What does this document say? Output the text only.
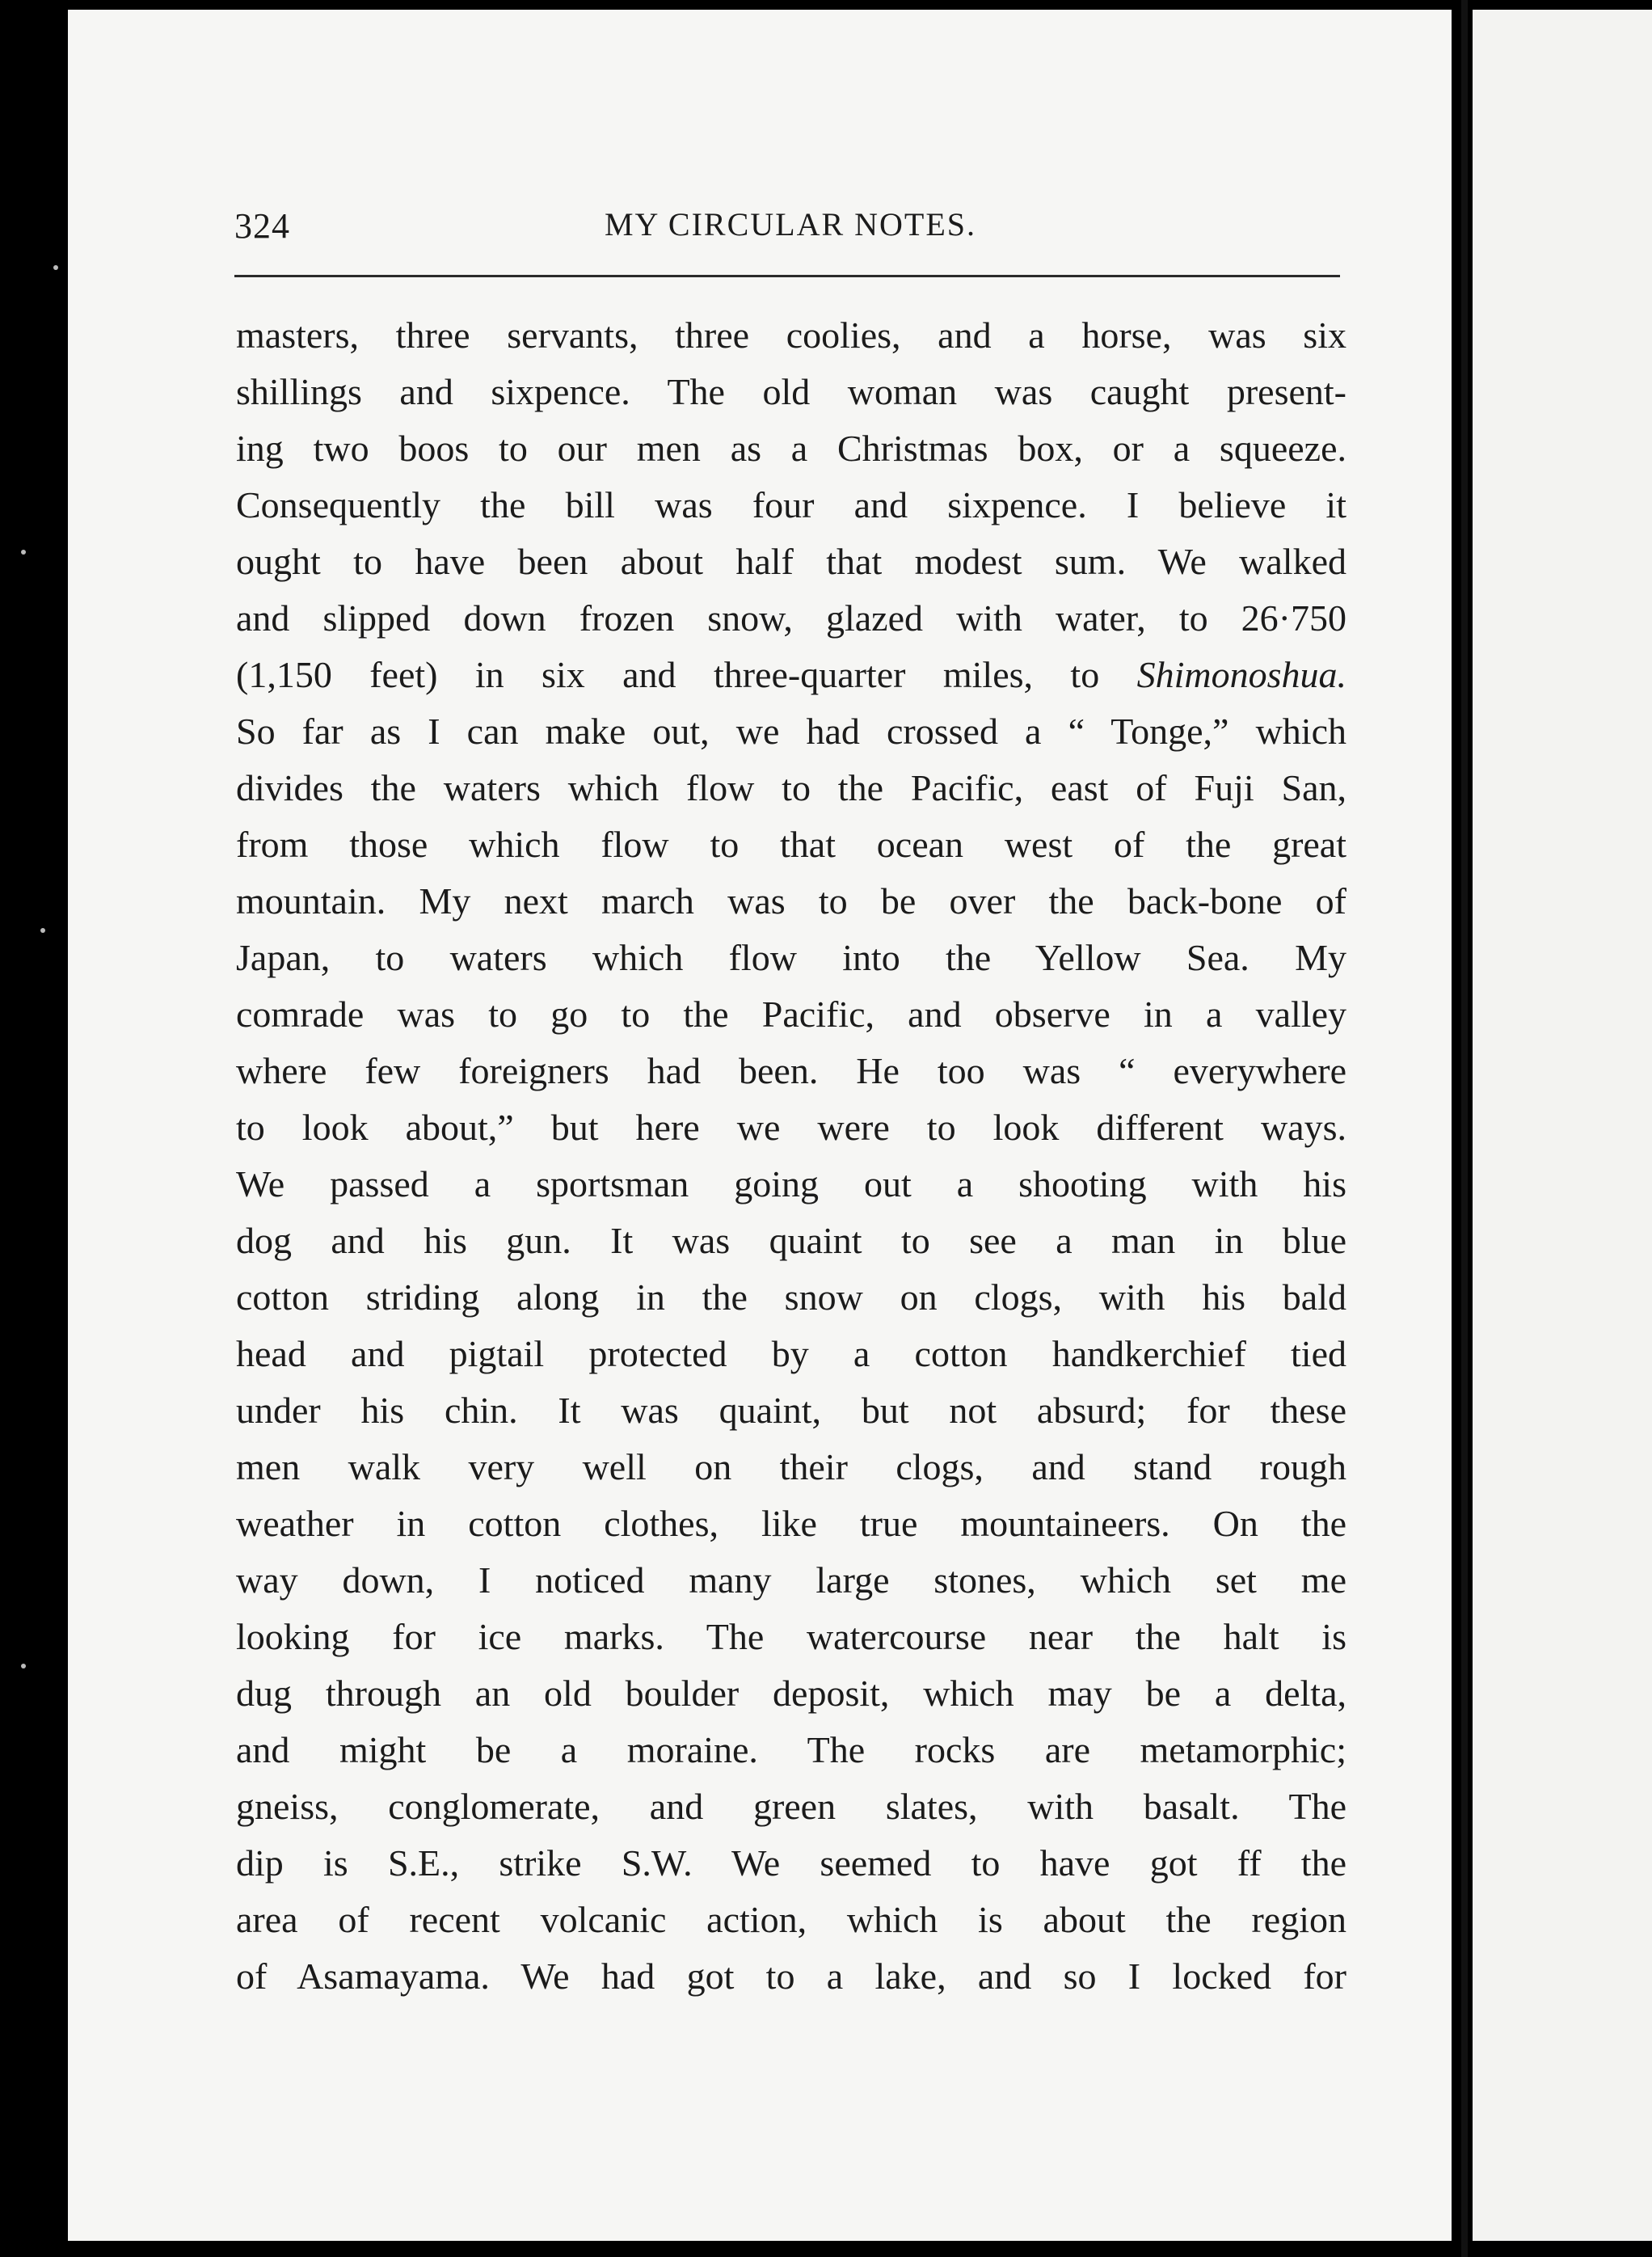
324	MY CIRCULAR NOTES.
masters, three servants, three coolies, and a horse, was six
shillings and sixpence. The old woman was caught present-
ing two boos to our men as a Christmas box, or a squeeze.
Consequently the bill was four and sixpence. I believe it
ought to have been about half that modest sum. We walked
and slipped down frozen snow, glazed with water, to 26·750
(1,150 feet) in six and three-quarter miles, to Shimonoshua.
So far as I can make out, we had crossed a “ Tonge,” which
divides the waters which flow to the Pacific, east of Fuji San,
from those which flow to that ocean west of the great
mountain. My next march was to be over the back-bone of
Japan, to waters which flow into the Yellow Sea. My
comrade was to go to the Pacific, and observe in a valley
where few foreigners had been. He too was “ everywhere
to look about,” but here we were to look different ways.
We passed a sportsman going out a shooting with his
dog and his gun. It was quaint to see a man in blue
cotton striding along in the snow on clogs, with his bald
head and pigtail protected by a cotton handkerchief tied
under his chin. It was quaint, but not absurd; for these
men walk very well on their clogs, and stand rough
weather in cotton clothes, like true mountaineers. On the
way down, I noticed many large stones, which set me
looking for ice marks. The watercourse near the halt is
dug through an old boulder deposit, which may be a delta,
and might be a moraine. The rocks are metamorphic;
gneiss, conglomerate, and green slates, with basalt. The
dip is S.E., strike S.W. We seemed to have got ff the
area of recent volcanic action, which is about the region
of Asamayama. We had got to a lake, and so I locked for
